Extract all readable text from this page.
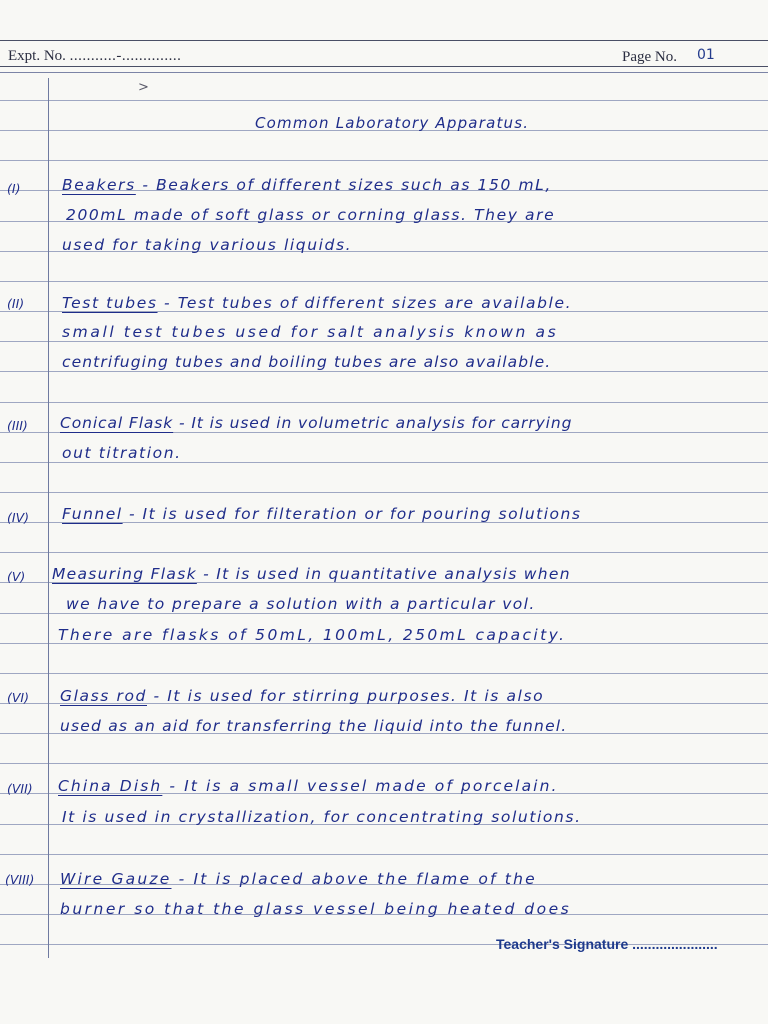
Expt. No. ...........‑..............	Page No. 01
>
Common Laboratory Apparatus.
(I)	Beakers - Beakers of different sizes such as 150 mL,
200mL made of soft glass or corning glass. They are
used for taking various liquids.
(II) Test tubes - Test tubes of different sizes are available.
small test tubes used for salt analysis known as
centrifuging tubes and boiling tubes are also available.
(III) Conical Flask - It is used in volumetric analysis for carrying
out titration.
(IV) Funnel - It is used for filteration or for pouring solutions
(V) Measuring Flask - It is used in quantitative analysis when
we have to prepare a solution with a particular vol.
There are flasks of 50mL, 100mL, 250mL capacity.
(VI) Glass rod - It is used for stirring purposes. It is also
used as an aid for transferring the liquid into the funnel.
(VII) China Dish - It is a small vessel made of porcelain.
It is used in crystallization, for concentrating solutions.
(VIII) Wire Gauze - It is placed above the flame of the
burner so that the glass vessel being heated does
Teacher's Signature ......................
